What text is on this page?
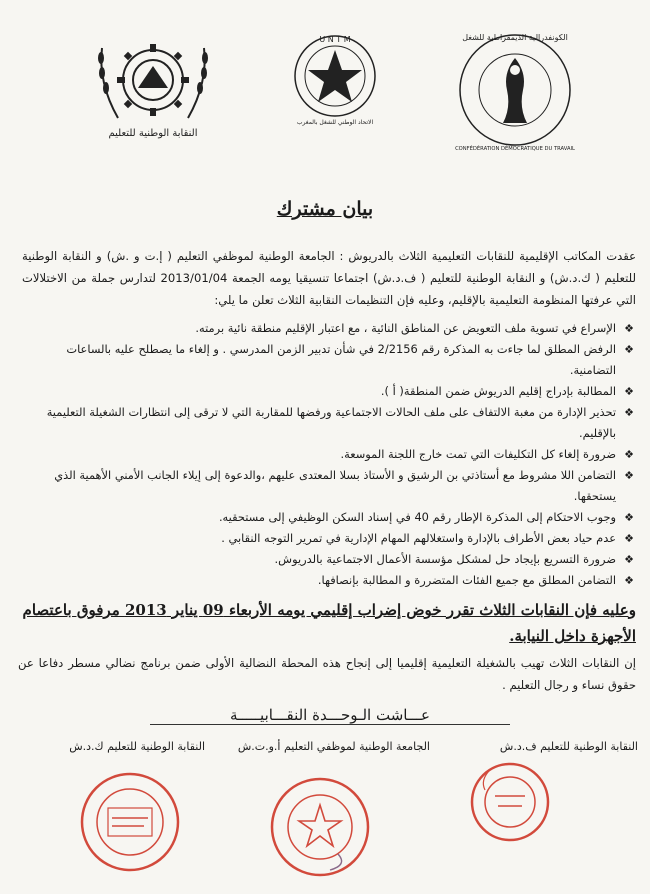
النقابة الوطنية للتعليم
U N T M
الاتحاد الوطني للشغل بالمغرب
الكونفدرالية الديمقراطية للشغل
CONFÉDÉRATION DÉMOCRATIQUE DU TRAVAIL
بيان مشترك
عقدت المكاتب الإقليمية للنقابات التعليمية الثلاث بالدريوش : الجامعة الوطنية لموظفي التعليم ( إ.ت و .ش) و النقابة الوطنية للتعليم ( ك.د.ش) و النقابة الوطنية للتعليم ( ف.د.ش) اجتماعا تنسيقيا يومه الجمعة 2013/01/04 لتدارس جملة من الاختلالات التي عرفتها المنظومة التعليمية بالإقليم، وعليه فإن التنظيمات النقابية الثلاث تعلن ما يلي:
❖
الإسراع في تسوية ملف التعويض عن المناطق النائية ، مع اعتبار الإقليم منطقة نائية برمته.
❖
الرفض المطلق لما جاءت به المذكرة رقم 2/2156 في شأن تدبير الزمن المدرسي . و إلغاء ما يصطلح عليه بالساعات التضامنية.
❖
المطالبة بإدراج إقليم الدريوش ضمن المنطقة( أ ).
❖
تحذير الإدارة من مغبة الالتفاف على ملف الحالات الاجتماعية ورفضها للمقاربة التي لا ترقى إلى انتظارات الشغيلة التعليمية بالإقليم.
❖
ضرورة إلغاء كل التكليفات التي تمت خارج اللجنة الموسعة.
❖
التضامن اللا مشروط مع أستاذتي بن الرشيق و الأستاذ بسلا المعتدى عليهم ،والدعوة إلى إيلاء الجانب الأمني الأهمية الذي يستحقها.
❖
وجوب الاحتكام إلى المذكرة الإطار رقم 40 في إسناد السكن الوظيفي إلى مستحقيه.
❖
عدم حياد بعض الأطراف بالإدارة واستغلالهم المهام الإدارية في تمرير التوجه النقابي .
❖
ضرورة التسريع بإيجاد حل لمشكل مؤسسة الأعمال الاجتماعية بالدريوش.
❖
التضامن المطلق مع جميع الفئات المتضررة و المطالبة بإنصافها.
وعليه فإن النقابات الثلاث تقرر خوض إضراب إقليمي يومه الأربعاء 09 يناير 2013 مرفوق باعتصام الأجهزة داخل النيابة.
إن النقابات الثلاث تهيب بالشغيلة التعليمية إقليميا إلى إنجاح هذه المحطة النضالية الأولى ضمن برنامج نضالي مسطر دفاعا عن حقوق نساء و رجال التعليم .
عـــاشت الـوحـــدة النقـــابيـــــة
النقابة الوطنية للتعليم ف.د.ش
الجامعة الوطنية لموظفي التعليم أ.و.ت.ش
النقابة الوطنية للتعليم ك.د.ش
